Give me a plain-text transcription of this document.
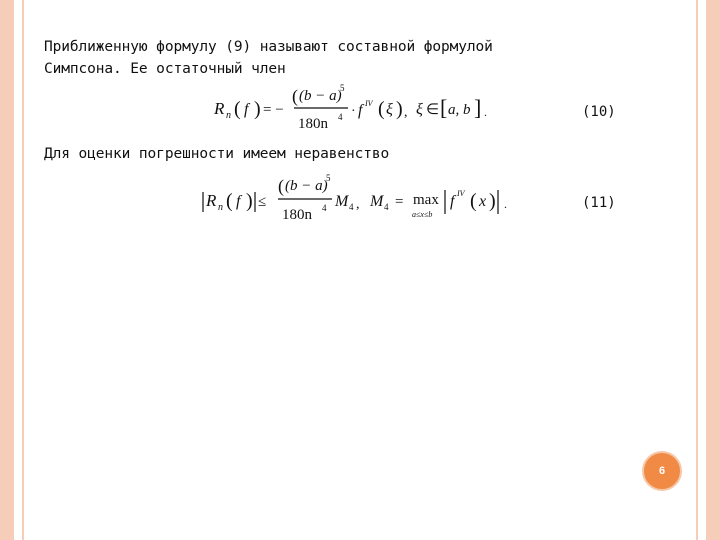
Приближенную формулу (9) называют составной формулой
Симпсона. Ее остаточный член
R n ( f ) = −
( (b − a)
5
180n 4 · f IV ( ξ ) , ξ ∈ [ a, b ] .	(10)
Для оценки погрешности имеем неравенство
R n ( f ) ≤
( (b − a)
5
180n 4 M 4 , M 4 = max
a≤x≤b
f IV ( x ) .	(11)
6
